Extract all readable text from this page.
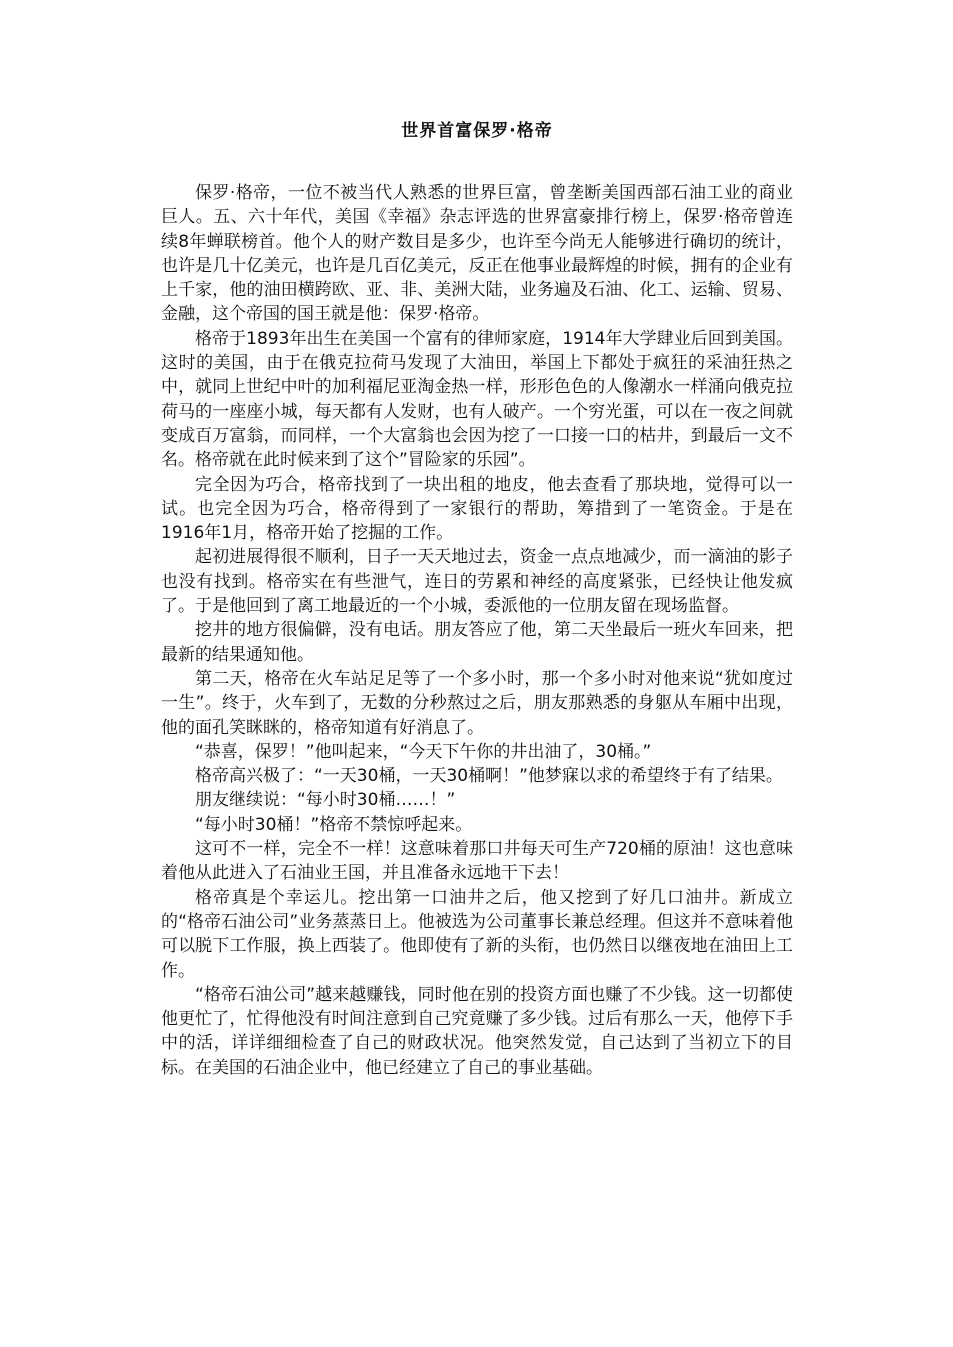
世界首富保罗·格帝

保罗·格帝，一位不被当代人熟悉的世界巨富，曾垄断美国西部石油工业的商业巨人。五、六十年代，美国《幸福》杂志评选的世界富豪排行榜上，保罗·格帝曾连续8年蝉联榜首。他个人的财产数目是多少，也许至今尚无人能够进行确切的统计，也许是几十亿美元，也许是几百亿美元，反正在他事业最辉煌的时候，拥有的企业有上千家，他的油田横跨欧、亚、非、美洲大陆，业务遍及石油、化工、运输、贸易、金融，这个帝国的国王就是他：保罗·格帝。

格帝于1893年出生在美国一个富有的律师家庭，1914年大学肆业后回到美国。这时的美国，由于在俄克拉荷马发现了大油田，举国上下都处于疯狂的采油狂热之中，就同上世纪中叶的加利福尼亚淘金热一样，形形色色的人像潮水一样涌向俄克拉荷马的一座座小城，每天都有人发财，也有人破产。一个穷光蛋，可以在一夜之间就变成百万富翁，而同样，一个大富翁也会因为挖了一口接一口的枯井，到最后一文不名。格帝就在此时候来到了这个”冒险家的乐园”。

完全因为巧合，格帝找到了一块出租的地皮，他去查看了那块地，觉得可以一试。也完全因为巧合，格帝得到了一家银行的帮助，筹措到了一笔资金。于是在1916年1月，格帝开始了挖掘的工作。

起初进展得很不顺利，日子一天天地过去，资金一点点地减少，而一滴油的影子也没有找到。格帝实在有些泄气，连日的劳累和神经的高度紧张，已经快让他发疯了。于是他回到了离工地最近的一个小城，委派他的一位朋友留在现场监督。

挖井的地方很偏僻，没有电话。朋友答应了他，第二天坐最后一班火车回来，把最新的结果通知他。

第二天，格帝在火车站足足等了一个多小时，那一个多小时对他来说“犹如度过一生”。终于，火车到了，无数的分秒熬过之后，朋友那熟悉的身躯从车厢中出现，他的面孔笑眯眯的，格帝知道有好消息了。

“恭喜，保罗！”他叫起来，“今天下午你的井出油了，30桶。”

格帝高兴极了：“一天30桶，一天30桶啊！”他梦寐以求的希望终于有了结果。

朋友继续说：“每小时30桶……！”

“每小时30桶！”格帝不禁惊呼起来。

这可不一样，完全不一样！这意味着那口井每天可生产720桶的原油！这也意味着他从此进入了石油业王国，并且准备永远地干下去！

格帝真是个幸运儿。挖出第一口油井之后，他又挖到了好几口油井。新成立的“格帝石油公司”业务蒸蒸日上。他被选为公司董事长兼总经理。但这并不意味着他可以脱下工作服，换上西装了。他即使有了新的头衔，也仍然日以继夜地在油田上工作。

“格帝石油公司”越来越赚钱，同时他在别的投资方面也赚了不少钱。这一切都使他更忙了，忙得他没有时间注意到自己究竟赚了多少钱。过后有那么一天，他停下手中的活，详详细细检查了自己的财政状况。他突然发觉，自己达到了当初立下的目标。在美国的石油企业中，他已经建立了自己的事业基础。
